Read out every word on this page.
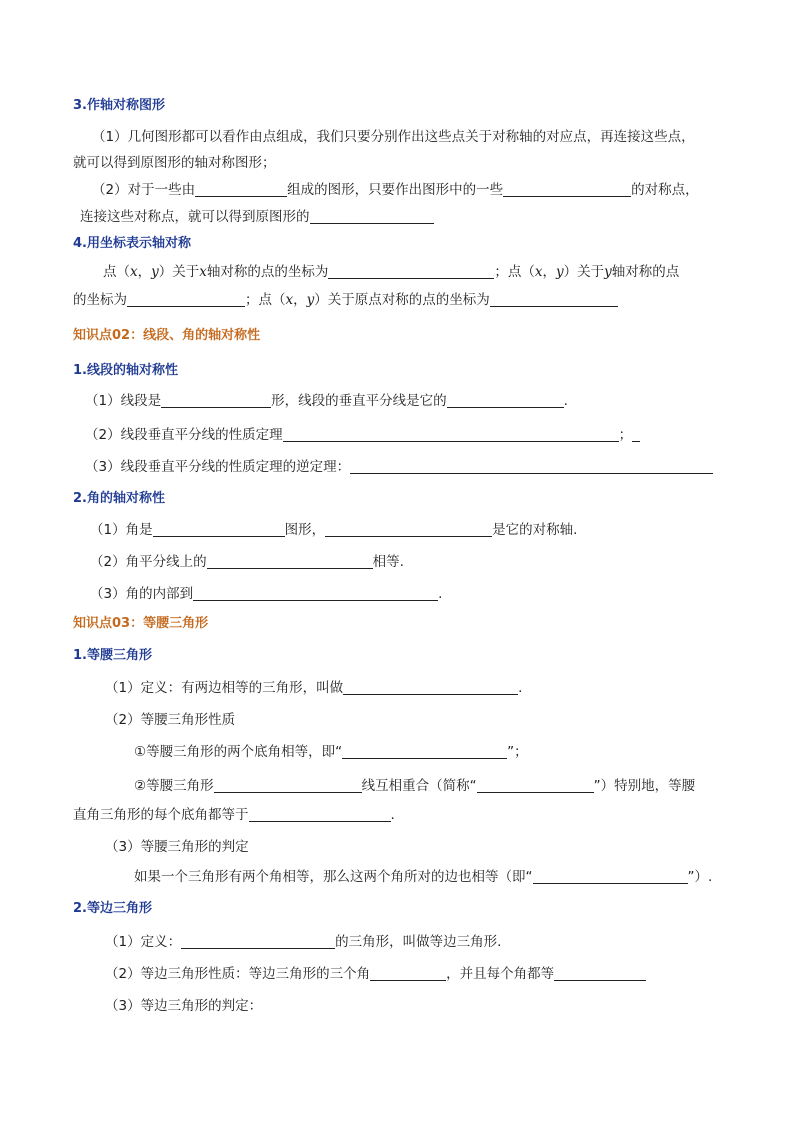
3.作轴对称图形
（1）几何图形都可以看作由点组成，我们只要分别作出这些点关于对称轴的对应点，再连接这些点，
就可以得到原图形的轴对称图形；
（2）对于一些由	组成的图形，只要作出图形中的一些	的对称点，
连接这些对称点，就可以得到原图形的
4.用坐标表示轴对称
点（x，y）关于x轴对称的点的坐标为	；点（x，y）关于y轴对称的点
的坐标为	；点（x，y）关于原点对称的点的坐标为
知识点02：线段、角的轴对称性
1.线段的轴对称性
（1）线段是	形，线段的垂直平分线是它的	.
（2）线段垂直平分线的性质定理	；
（3）线段垂直平分线的性质定理的逆定理：
2.角的轴对称性
（1）角是	图形，	是它的对称轴.
（2）角平分线上的	相等.
（3）角的内部到	.
知识点03：等腰三角形
1.等腰三角形
（1）定义：有两边相等的三角形，叫做	.
（2）等腰三角形性质
①等腰三角形的两个底角相等，即“	”；
②等腰三角形	线互相重合（简称“	”）特别地，等腰
直角三角形的每个底角都等于	.
（3）等腰三角形的判定
如果一个三角形有两个角相等，那么这两个角所对的边也相等（即“	”）.
2.等边三角形
（1）定义：	的三角形，叫做等边三角形.
（2）等边三角形性质：等边三角形的三个角	，并且每个角都等
（3）等边三角形的判定：
